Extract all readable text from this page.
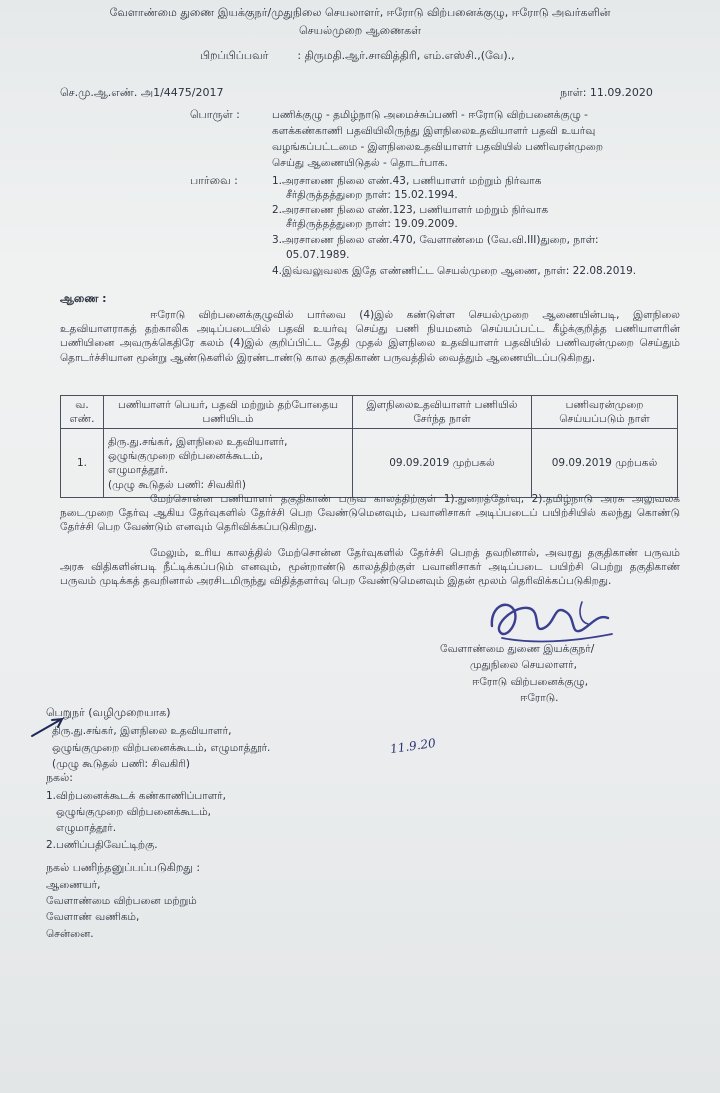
வேளாண்மை துணை இயக்குநர்/முதுநிலை செயலாளர், ஈரோடு விற்பனைக்குழு, ஈரோடு அவர்களின்
செயல்முறை ஆணைகள்
பிறப்பிப்பவர்	: திருமதி.ஆர்.சாவித்திரி, எம்.எஸ்சி.,(வே).,
செ.மு.ஆ.எண். அ1/4475/2017	நாள்: 11.09.2020
பொருள் :	பணிக்குழு - தமிழ்நாடு அமைச்சுப்பணி - ஈரோடு விற்பனைக்குழு -
களக்கண்காணி பதவியிலிருந்து இளநிலைஉதவியாளர் பதவி உயர்வு
வழங்கப்பட்டமை - இளநிலைஉதவியாளர் பதவியில் பணிவரன்முறை
செய்து ஆணையிடுதல் - தொடர்பாக.
பார்வை :	1.அரசாணை நிலை எண்.43, பணியாளர் மற்றும் நிர்வாக
சீர்திருத்தத்துறை நாள்: 15.02.1994.
2.அரசாணை நிலை எண்.123, பணியாளர் மற்றும் நிர்வாக
சீர்திருத்தத்துறை நாள்: 19.09.2009.
3.அரசாணை நிலை எண்.470, வேளாண்மை (வே.வி.III)துறை, நாள்:
05.07.1989.
4.இவ்வலுவலக இதே எண்ணிட்ட செயல்முறை ஆணை, நாள்: 22.08.2019.
ஆணை :
ஈரோடு விற்பனைக்குழுவில் பார்வை (4)இல் கண்டுள்ள செயல்முறை ஆணையின்படி, இளநிலை உதவியாளராகத் தற்காலிக அடிப்படையில் பதவி உயர்வு செய்து பணி நியமனம் செய்யப்பட்ட கீழ்க்குறித்த பணியாளரின் பணியினை அவருக்கெதிரே கலம் (4)இல் குறிப்பிட்ட தேதி முதல் இளநிலை உதவியாளர் பதவியில் பணிவரன்முறை செய்தும் தொடர்ச்சியான மூன்று ஆண்டுகளில் இரண்டாண்டு கால தகுதிகாண் பருவத்தில் வைத்தும் ஆணையிடப்படுகிறது.
வ. எண்.	பணியாளர் பெயர், பதவி மற்றும் தற்போதைய பணியிடம்	இளநிலைஉதவியாளர் பணியில் சேர்ந்த நாள்	பணிவரன்முறை செய்யப்படும் நாள்
1.	திரு.து.சங்கர், இளநிலை உதவியாளர்,
ஒழுங்குமுறை விற்பனைக்கூடம்,
எழுமாத்தூர்.
(முழு கூடுதல் பணி: சிவகிரி)	09.09.2019 முற்பகல்	09.09.2019 முற்பகல்
மேற்சொன்ன பணியாளர் தகுதிகாண் பருவ காலத்திற்குள் 1).துறைத்தேர்வு, 2).தமிழ்நாடு அரசு அலுவலக நடைமுறை தேர்வு ஆகிய தேர்வுகளில் தேர்ச்சி பெற வேண்டுமெனவும், பவானிசாகர் அடிப்படைப் பயிற்சியில் கலந்து கொண்டு தேர்ச்சி பெற வேண்டும் எனவும் தெரிவிக்கப்படுகிறது.
மேலும், உரிய காலத்தில் மேற்சொன்ன தேர்வுகளில் தேர்ச்சி பெறத் தவறினால், அவரது தகுதிகாண் பருவம் அரசு விதிகளின்படி நீட்டிக்கப்படும் எனவும், மூன்றாண்டு காலத்திற்குள் பவானிசாகர் அடிப்படை பயிற்சி பெற்று தகுதிகாண் பருவம் முடிக்கத் தவறினால் அரசிடமிருந்து விதித்தளர்வு பெற வேண்டுமெனவும் இதன் மூலம் தெரிவிக்கப்படுகிறது.
வேளாண்மை துணை இயக்குநர்/
முதுநிலை செயலாளர்,
ஈரோடு விற்பனைக்குழு,
ஈரோடு.
பெறுநர் (வழிமுறையாக)
திரு.து.சங்கர், இளநிலை உதவியாளர்,
ஒழுங்குமுறை விற்பனைக்கூடம், எழுமாத்தூர்.
(முழு கூடுதல் பணி: சிவகிரி)
11.9.20
நகல்:
1.விற்பனைக்கூடக் கண்காணிப்பாளர்,
ஒழுங்குமுறை விற்பனைக்கூடம்,
எழுமாத்தூர்.
2.பணிப்பதிவேட்டிற்கு.
நகல் பணிந்தனுப்பப்படுகிறது :
ஆணையர்,
வேளாண்மை விற்பனை மற்றும்
வேளாண் வணிகம்,
சென்னை.
